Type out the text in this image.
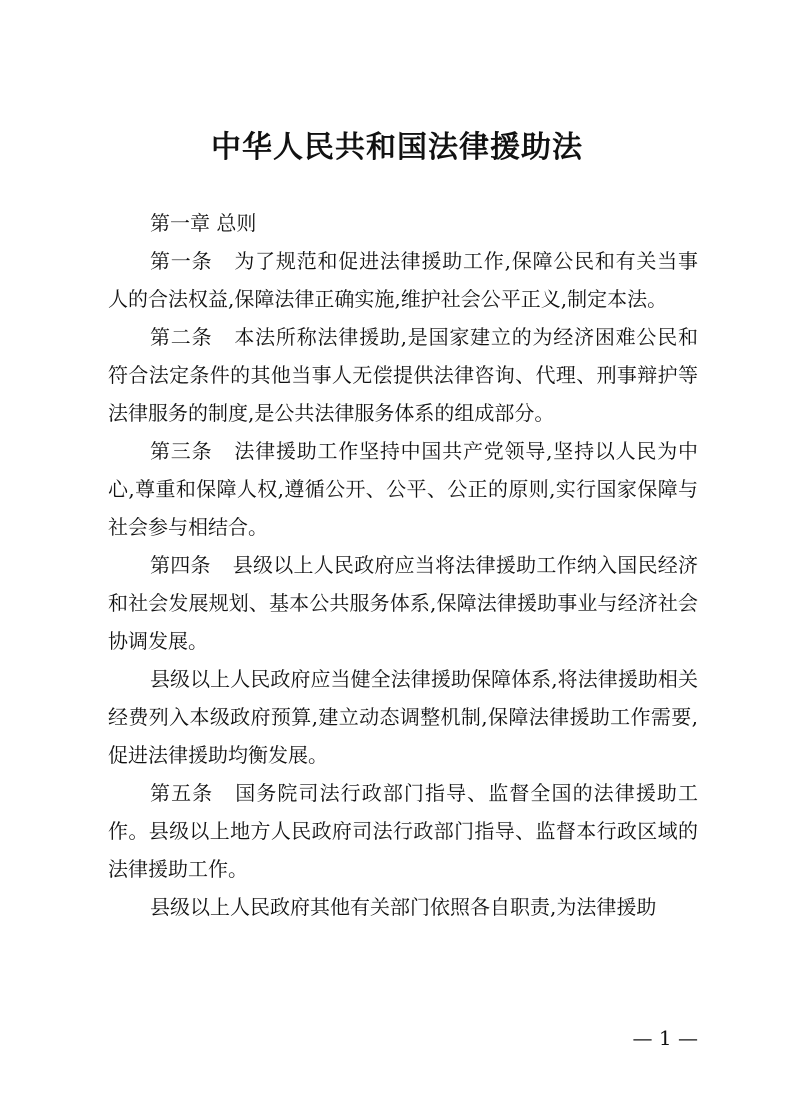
中华人民共和国法律援助法

第一章 总则

第一条 为了规范和促进法律援助工作,保障公民和有关当事人的合法权益,保障法律正确实施,维护社会公平正义,制定本法。

第二条 本法所称法律援助,是国家建立的为经济困难公民和符合法定条件的其他当事人无偿提供法律咨询、代理、刑事辩护等法律服务的制度,是公共法律服务体系的组成部分。

第三条 法律援助工作坚持中国共产党领导,坚持以人民为中心,尊重和保障人权,遵循公开、公平、公正的原则,实行国家保障与社会参与相结合。

第四条 县级以上人民政府应当将法律援助工作纳入国民经济和社会发展规划、基本公共服务体系,保障法律援助事业与经济社会协调发展。

县级以上人民政府应当健全法律援助保障体系,将法律援助相关经费列入本级政府预算,建立动态调整机制,保障法律援助工作需要,促进法律援助均衡发展。

第五条 国务院司法行政部门指导、监督全国的法律援助工作。县级以上地方人民政府司法行政部门指导、监督本行政区域的法律援助工作。

县级以上人民政府其他有关部门依照各自职责,为法律援助

— 1 —
